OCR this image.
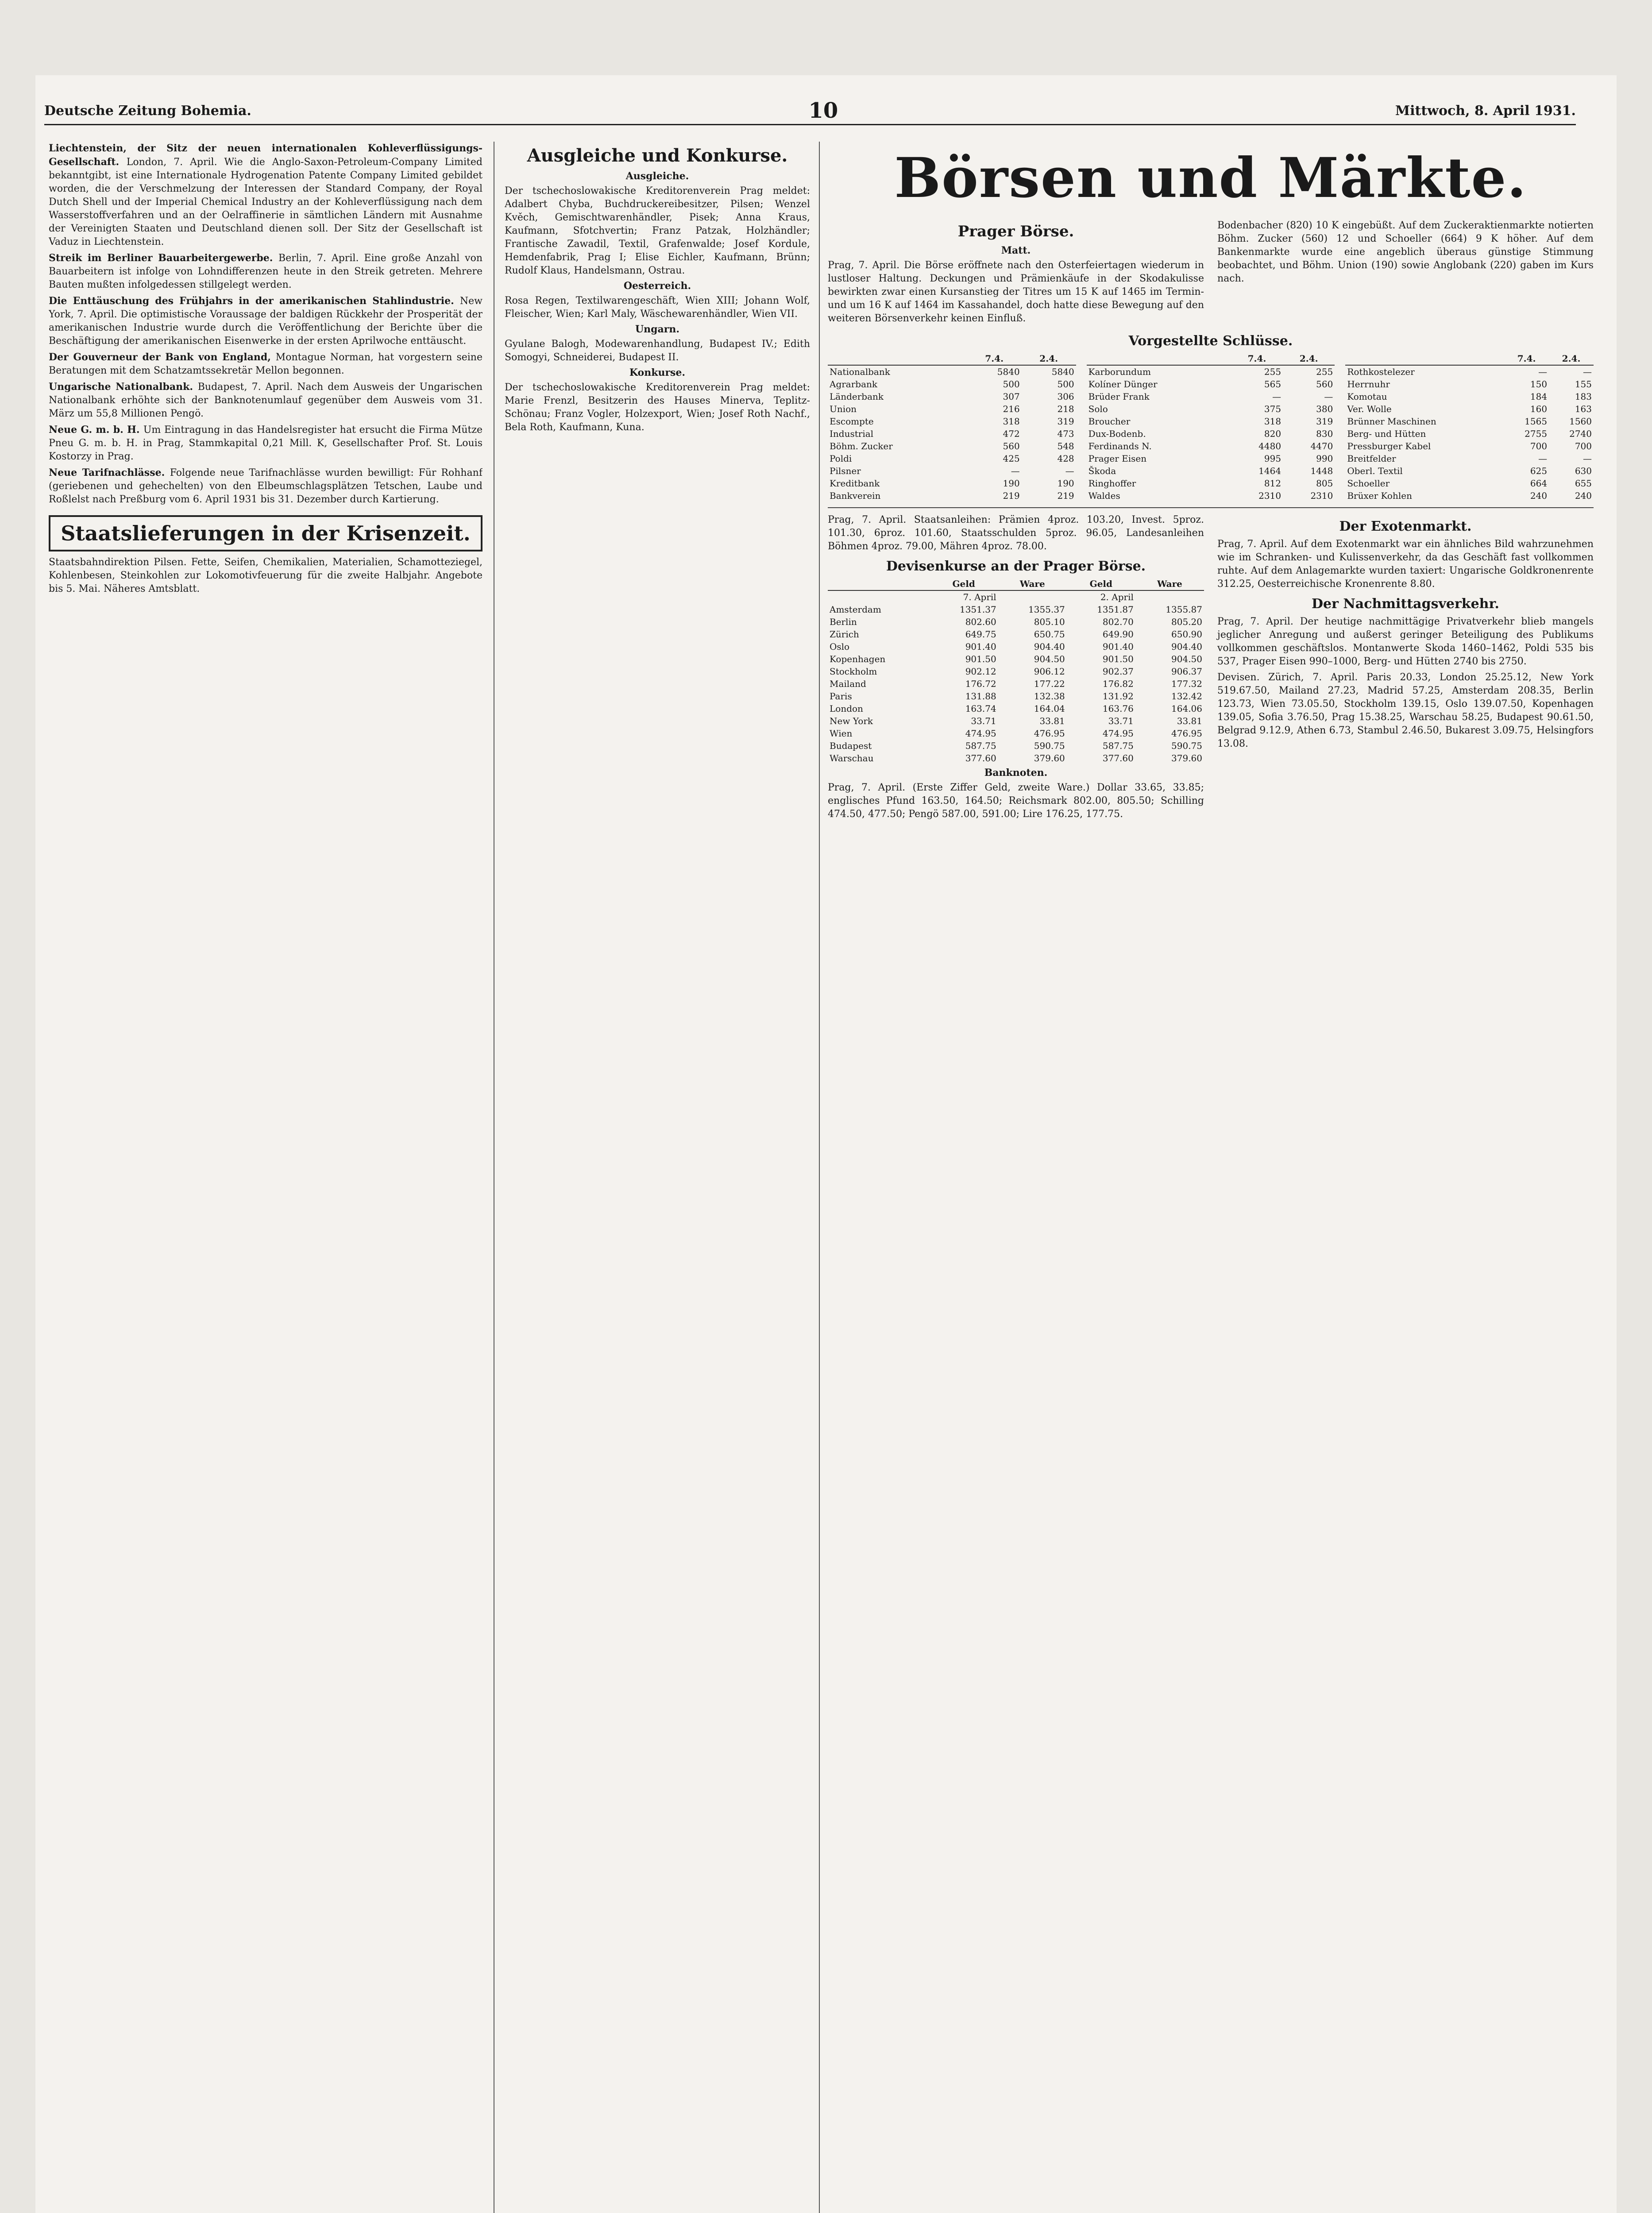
Deutsche Zeitung Bohemia.	10	Mittwoch, 8. April 1931.

Liechtenstein, der Sitz der neuen internationalen Kohleverflüssigungs-Gesellschaft. London, 7. April. Wie die Anglo-Saxon-Petroleum-Company Limited bekanntgibt, ist eine Internationale Hydrogenation Patente Company Limited gebildet worden, die der Verschmelzung der Interessen der Standard Company, der Royal Dutch Shell und der Imperial Chemical Industry an der Kohleverflüssigung nach dem Wasserstoffverfahren und an der Oelraffinerie in sämtlichen Ländern mit Ausnahme der Vereinigten Staaten und Deutschland dienen soll. Der Sitz der Gesellschaft ist Vaduz in Liechtenstein.

Streik im Berliner Bauarbeitergewerbe. Berlin, 7. April. Eine große Anzahl von Bauarbeitern ist infolge von Lohndifferenzen heute in den Streik getreten. Mehrere Bauten mußten infolgedessen stillgelegt werden.

Die Enttäuschung des Frühjahrs in der amerikanischen Stahlindustrie. New York, 7. April. Die optimistische Voraussage der baldigen Rückkehr der Prosperität der amerikanischen Industrie wurde durch die Veröffentlichung der Berichte über die Beschäftigung der amerikanischen Eisenwerke in der ersten Aprilwoche enttäuscht.

Der Gouverneur der Bank von England, Montague Norman, hat vorgestern seine Beratungen mit dem Schatzamtssekretär Mellon begonnen.

Ungarische Nationalbank. Budapest, 7. April. Nach dem Ausweis der Ungarischen Nationalbank erhöhte sich der Banknotenumlauf gegenüber dem Ausweis vom 31. März um 55,8 Millionen Pengö.

Neue G. m. b. H. Um Eintragung in das Handelsregister hat ersucht die Firma Mütze Pneu G. m. b. H. in Prag, Stammkapital 0,21 Mill. K, Gesellschafter Prof. St. Louis Kostorzy in Prag.

Neue Tarifnachlässe. Folgende neue Tarifnachlässe wurden bewilligt: Für Rohhanf (geriebenen und gehechelten) von den Elbeumschlagsplätzen Tetschen, Laube und Roßlelst nach Preßburg vom 6. April 1931 bis 31. Dezember durch Kartierung.

Staatslieferungen in der Krisenzeit.

Staatsbahndirektion Pilsen. Fette, Seifen, Chemikalien, Materialien, Schamotteziegel, Kohlenbesen, Steinkohlen zur Lokomotivfeuerung für die zweite Halbjahr. Angebote bis 5. Mai. Näheres Amtsblatt.

Ausgleiche und Konkurse.
Ausgleiche.

Der tschechoslowakische Kreditorenverein Prag meldet: Adalbert Chyba, Buchdruckereibesitzer, Pilsen; Wenzel Kvěch, Gemischtwarenhändler, Pisek; Anna Kraus, Kaufmann, Sfotchvertin; Franz Patzak, Holzhändler; Frantische Zawadil, Textil, Grafenwalde; Josef Kordule, Hemdenfabrik, Prag I; Elise Eichler, Kaufmann, Brünn; Rudolf Klaus, Handelsmann, Ostrau.

Oesterreich.

Rosa Regen, Textilwarengeschäft, Wien XIII; Johann Wolf, Fleischer, Wien; Karl Maly, Wäschewarenhändler, Wien VII.

Ungarn.

Gyulane Balogh, Modewarenhandlung, Budapest IV.; Edith Somogyi, Schneiderei, Budapest II.

Konkurse.

Der tschechoslowakische Kreditorenverein Prag meldet: Marie Frenzl, Besitzerin des Hauses Minerva, Teplitz-Schönau; Franz Vogler, Holzexport, Wien; Josef Roth Nachf., Bela Roth, Kaufmann, Kuna.

Börsen und Märkte.
Prager Börse.
Matt.

Prag, 7. April. Die Börse eröffnete nach den Osterfeiertagen wiederum in lustloser Haltung. Deckungen und Prämienkäufe in der Skodakulisse bewirkten zwar einen Kursanstieg der Titres um 15 K auf 1465 im Termin- und um 16 K auf 1464 im Kassahandel, doch hatte diese Bewegung auf den weiteren Börsenverkehr keinen Einfluß.

Bodenbacher (820) 10 K eingebüßt. Auf dem Zuckeraktienmarkte notierten Böhm. Zucker (560) 12 und Schoeller (664) 9 K höher. Auf dem Bankenmarkte wurde eine angeblich überaus günstige Stimmung beobachtet, und Böhm. Union (190) sowie Anglobank (220) gaben im Kurs nach.

Vorgestellte Schlüsse.
	7.4.	2.4.
Nationalbank	5840	5840
Agrarbank	500	500
Länderbank	307	306
Union	216	218
Escompte	318	319
Industrial	472	473
Böhm. Zucker	560	548
Poldi	425	428
Pilsner	—	—
Kreditbank	190	190
Bankverein	219	219
	7.4.	2.4.
Karborundum	255	255
Kolíner Dünger	565	560
Brüder Frank	—	—
Solo	375	380
Broucher	318	319
Dux-Bodenb.	820	830
Ferdinands N.	4480	4470
Prager Eisen	995	990
Škoda	1464	1448
Ringhoffer	812	805
Waldes	2310	2310
	7.4.	2.4.
Rothkostelezer	—	—
Herrnuhr	150	155
Komotau	184	183
Ver. Wolle	160	163
Brünner Maschinen	1565	1560
Berg- und Hütten	2755	2740
Pressburger Kabel	700	700
Breitfelder	—	—
Oberl. Textil	625	630
Schoeller	664	655
Brüxer Kohlen	240	240

Prag, 7. April. Staatsanleihen: Prämien 4proz. 103.20, Invest. 5proz. 101.30, 6proz. 101.60, Staatsschulden 5proz. 96.05, Landesanleihen Böhmen 4proz. 79.00, Mähren 4proz. 78.00.

Devisenkurse an der Prager Börse.
	Geld	Ware	Geld	Ware
	7. April		2. April	
Amsterdam	1351.37	1355.37	1351.87	1355.87
Berlin	802.60	805.10	802.70	805.20
Zürich	649.75	650.75	649.90	650.90
Oslo	901.40	904.40	901.40	904.40
Kopenhagen	901.50	904.50	901.50	904.50
Stockholm	902.12	906.12	902.37	906.37
Mailand	176.72	177.22	176.82	177.32
Paris	131.88	132.38	131.92	132.42
London	163.74	164.04	163.76	164.06
New York	33.71	33.81	33.71	33.81
Wien	474.95	476.95	474.95	476.95
Budapest	587.75	590.75	587.75	590.75
Warschau	377.60	379.60	377.60	379.60
Banknoten.

Prag, 7. April. (Erste Ziffer Geld, zweite Ware.) Dollar 33.65, 33.85; englisches Pfund 163.50, 164.50; Reichsmark 802.00, 805.50; Schilling 474.50, 477.50; Pengö 587.00, 591.00; Lire 176.25, 177.75.

Der Exotenmarkt.

Prag, 7. April. Auf dem Exotenmarkt war ein ähnliches Bild wahrzunehmen wie im Schranken- und Kulissenverkehr, da das Geschäft fast vollkommen ruhte. Auf dem Anlagemarkte wurden taxiert: Ungarische Goldkronenrente 312.25, Oesterreichische Kronenrente 8.80.

Der Nachmittagsverkehr.

Prag, 7. April. Der heutige nachmittägige Privatverkehr blieb mangels jeglicher Anregung und außerst geringer Beteiligung des Publikums vollkommen geschäftslos. Montanwerte Skoda 1460–1462, Poldi 535 bis 537, Prager Eisen 990–1000, Berg- und Hütten 2740 bis 2750.

Devisen. Zürich, 7. April. Paris 20.33, London 25.25.12, New York 519.67.50, Mailand 27.23, Madrid 57.25, Amsterdam 208.35, Berlin 123.73, Wien 73.05.50, Stockholm 139.15, Oslo 139.07.50, Kopenhagen 139.05, Sofia 3.76.50, Prag 15.38.25, Warschau 58.25, Budapest 90.61.50, Belgrad 9.12.9, Athen 6.73, Stambul 2.46.50, Bukarest 3.09.75, Helsingfors 13.08.
